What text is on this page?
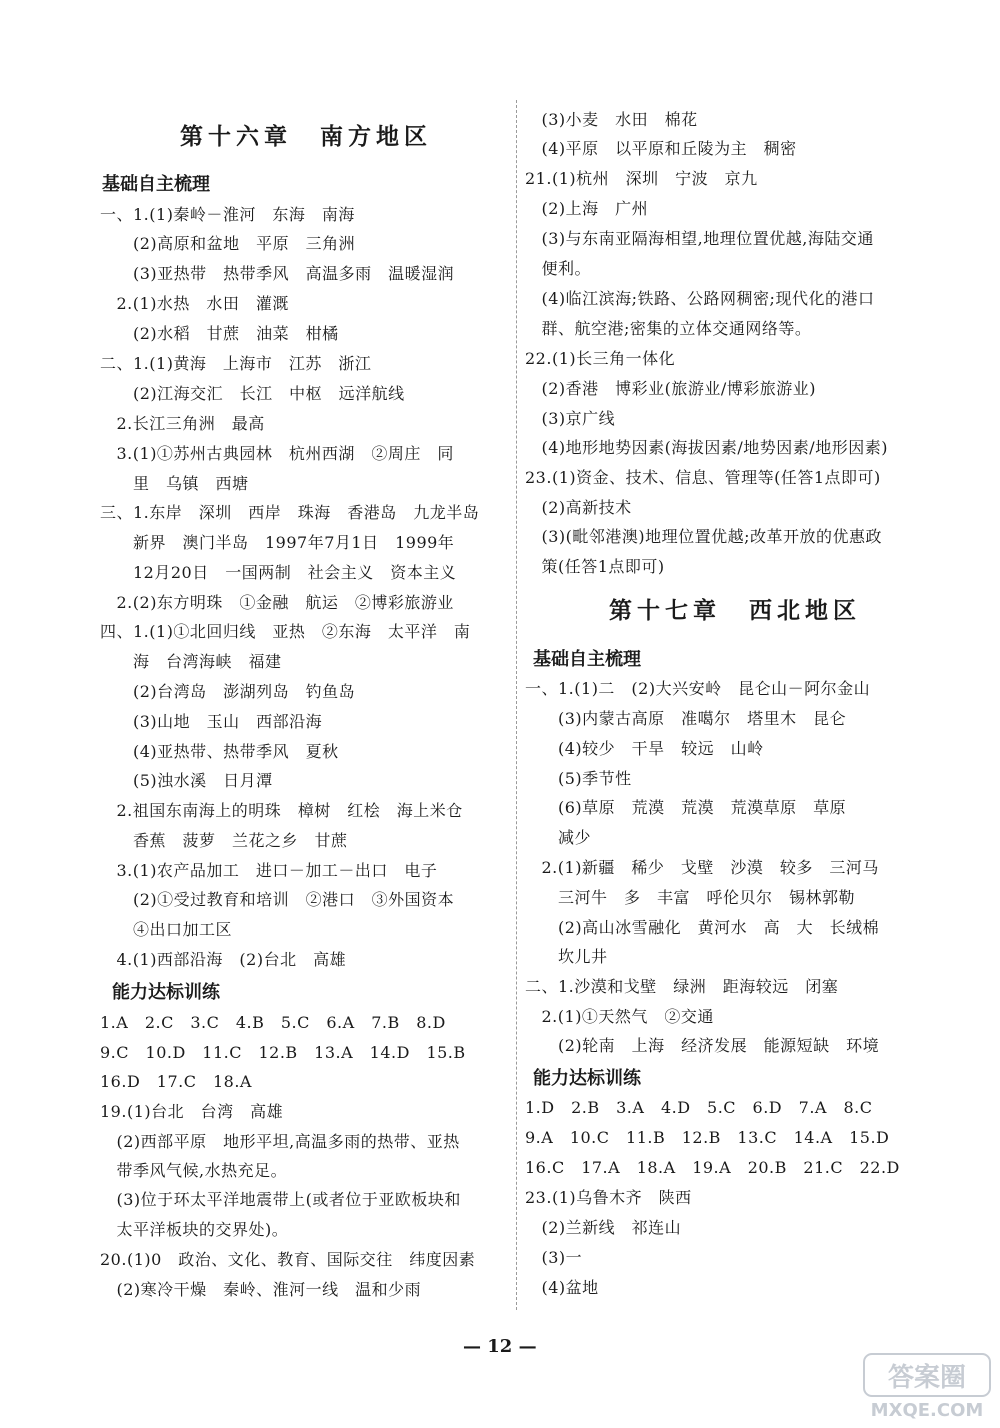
第十六章　南方地区
基础自主梳理
一、1.(1)秦岭－淮河　东海　南海
　　(2)高原和盆地　平原　三角洲
　　(3)亚热带　热带季风　高温多雨　温暖湿润
　2.(1)水热　水田　灌溉
　　(2)水稻　甘蔗　油菜　柑橘
二、1.(1)黄海　上海市　江苏　浙江
　　(2)江海交汇　长江　中枢　远洋航线
　2.长江三角洲　最高
　3.(1)①苏州古典园林　杭州西湖　②周庄　同
　　里　乌镇　西塘
三、1.东岸　深圳　西岸　珠海　香港岛　九龙半岛
　　新界　澳门半岛　1997年7月1日　1999年
　　12月20日　一国两制　社会主义　资本主义
　2.(2)东方明珠　①金融　航运　②博彩旅游业
四、1.(1)①北回归线　亚热　②东海　太平洋　南
　　海　台湾海峡　福建
　　(2)台湾岛　澎湖列岛　钓鱼岛
　　(3)山地　玉山　西部沿海
　　(4)亚热带、热带季风　夏秋
　　(5)浊水溪　日月潭
　2.祖国东南海上的明珠　樟树　红桧　海上米仓
　　香蕉　菠萝　兰花之乡　甘蔗
　3.(1)农产品加工　进口－加工－出口　电子
　　(2)①受过教育和培训　②港口　③外国资本
　　④出口加工区
　4.(1)西部沿海　(2)台北　高雄
能力达标训练
1.A　2.C　3.C　4.B　5.C　6.A　7.B　8.D
9.C　10.D　11.C　12.B　13.A　14.D　15.B
16.D　17.C　18.A
19.(1)台北　台湾　高雄
　(2)西部平原　地形平坦,高温多雨的热带、亚热
　带季风气候,水热充足。
　(3)位于环太平洋地震带上(或者位于亚欧板块和
　太平洋板块的交界处)。
20.(1)0　政治、文化、教育、国际交往　纬度因素
　(2)寒冷干燥　秦岭、淮河一线　温和少雨
　(3)小麦　水田　棉花
　(4)平原　以平原和丘陵为主　稠密
21.(1)杭州　深圳　宁波　京九
　(2)上海　广州
　(3)与东南亚隔海相望,地理位置优越,海陆交通
　便利。
　(4)临江滨海;铁路、公路网稠密;现代化的港口
　群、航空港;密集的立体交通网络等。
22.(1)长三角一体化
　(2)香港　博彩业(旅游业/博彩旅游业)
　(3)京广线
　(4)地形地势因素(海拔因素/地势因素/地形因素)
23.(1)资金、技术、信息、管理等(任答1点即可)
　(2)高新技术
　(3)(毗邻港澳)地理位置优越;改革开放的优惠政
　策(任答1点即可)
第十七章　西北地区
基础自主梳理
一、1.(1)二　(2)大兴安岭　昆仑山－阿尔金山
　　(3)内蒙古高原　准噶尔　塔里木　昆仑
　　(4)较少　干旱　较远　山岭
　　(5)季节性
　　(6)草原　荒漠　荒漠　荒漠草原　草原
　　减少
　2.(1)新疆　稀少　戈壁　沙漠　较多　三河马
　　三河牛　多　丰富　呼伦贝尔　锡林郭勒
　　(2)高山冰雪融化　黄河水　高　大　长绒棉
　　坎儿井
二、1.沙漠和戈壁　绿洲　距海较远　闭塞
　2.(1)①天然气　②交通
　　(2)轮南　上海　经济发展　能源短缺　环境
能力达标训练
1.D　2.B　3.A　4.D　5.C　6.D　7.A　8.C
9.A　10.C　11.B　12.B　13.C　14.A　15.D
16.C　17.A　18.A　19.A　20.B　21.C　22.D
23.(1)乌鲁木齐　陕西
　(2)兰新线　祁连山
　(3)一
　(4)盆地
— 12 —
答案圈
MXQE.COM
